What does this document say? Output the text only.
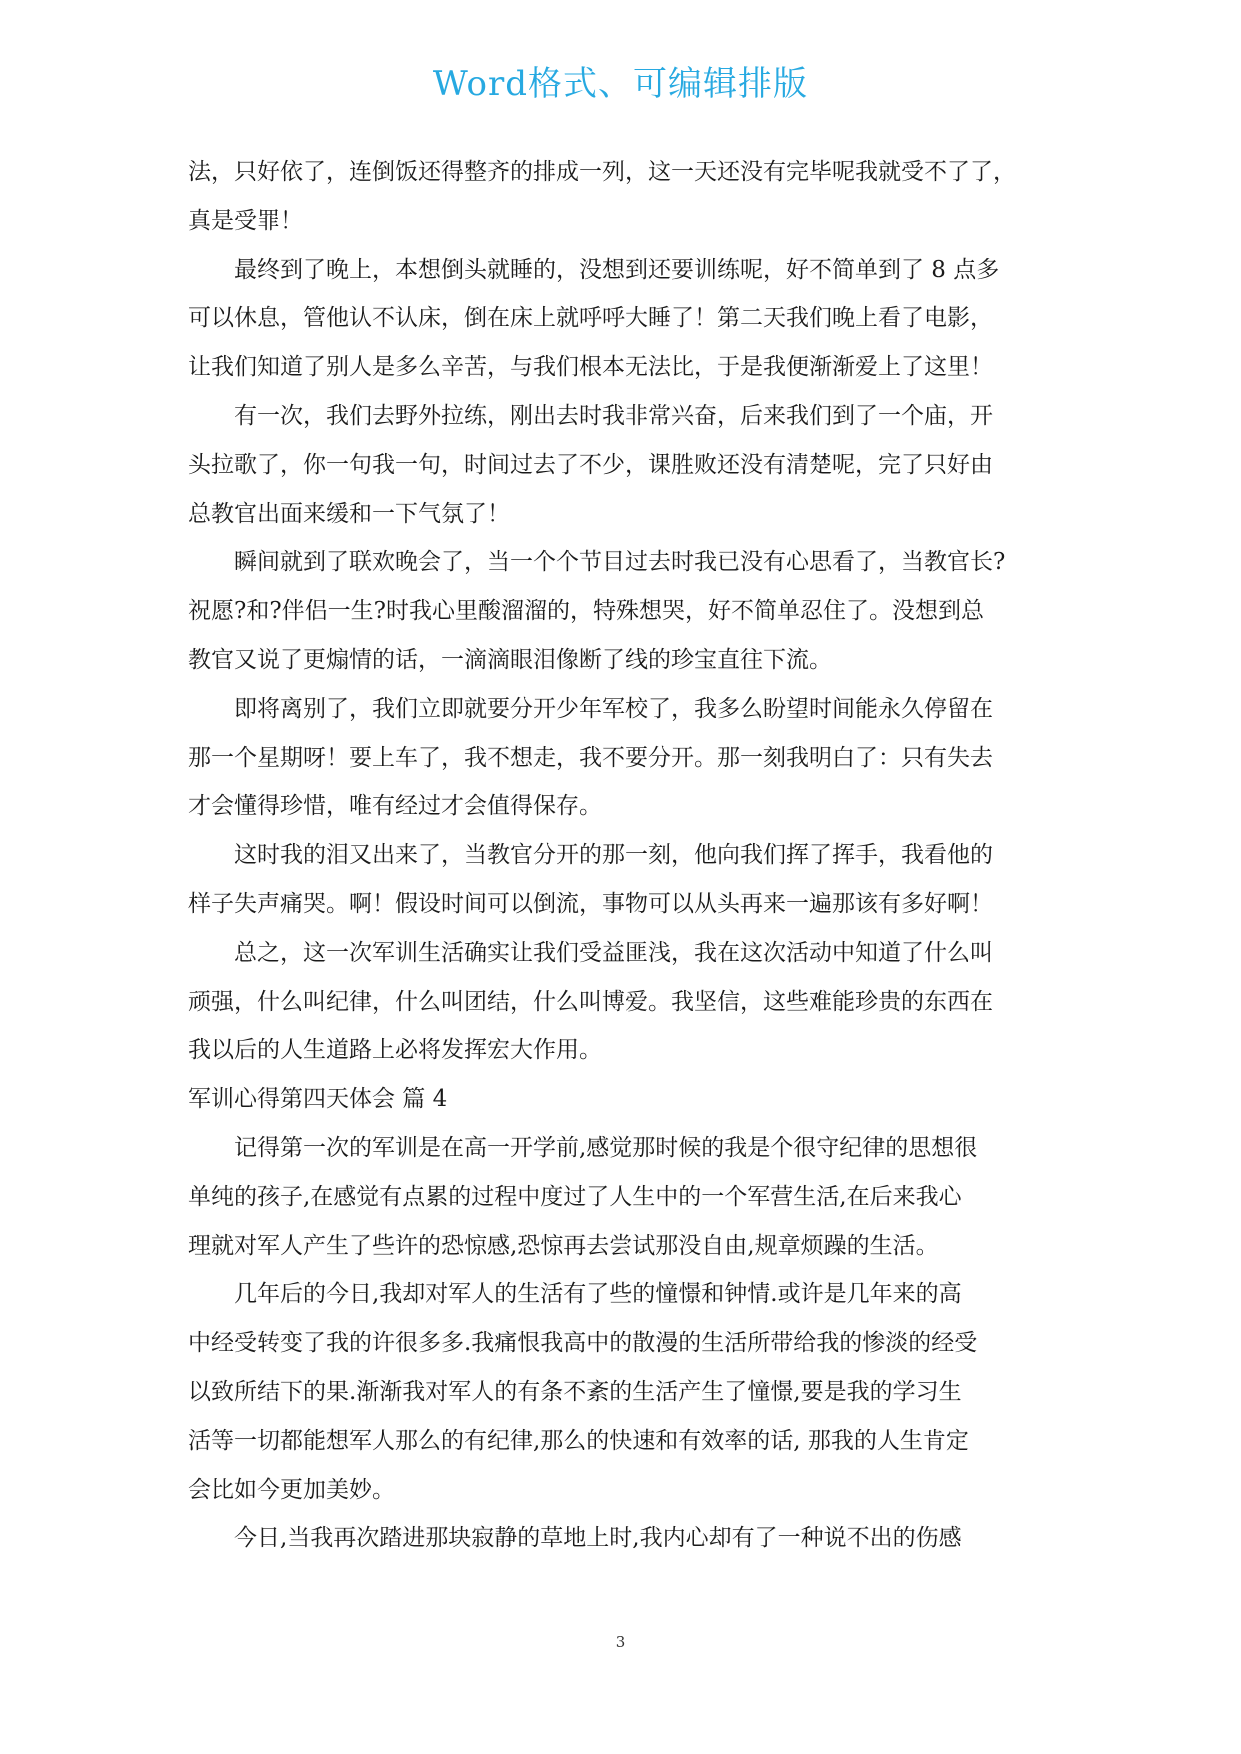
Word格式、可编辑排版
法，只好依了，连倒饭还得整齐的排成一列，这一天还没有完毕呢我就受不了了，
真是受罪！
　　最终到了晚上，本想倒头就睡的，没想到还要训练呢，好不简单到了 8 点多
可以休息，管他认不认床，倒在床上就呼呼大睡了！第二天我们晚上看了电影，
让我们知道了别人是多么辛苦，与我们根本无法比，于是我便渐渐爱上了这里！
　　有一次，我们去野外拉练，刚出去时我非常兴奋，后来我们到了一个庙，开
头拉歌了，你一句我一句，时间过去了不少，课胜败还没有清楚呢，完了只好由
总教官出面来缓和一下气氛了！
　　瞬间就到了联欢晚会了，当一个个节目过去时我已没有心思看了，当教官长?
祝愿?和?伴侣一生?时我心里酸溜溜的，特殊想哭，好不简单忍住了。没想到总
教官又说了更煽情的话，一滴滴眼泪像断了线的珍宝直往下流。
　　即将离别了，我们立即就要分开少年军校了，我多么盼望时间能永久停留在
那一个星期呀！要上车了，我不想走，我不要分开。那一刻我明白了：只有失去
才会懂得珍惜，唯有经过才会值得保存。
　　这时我的泪又出来了，当教官分开的那一刻，他向我们挥了挥手，我看他的
样子失声痛哭。啊！假设时间可以倒流，事物可以从头再来一遍那该有多好啊！
　　总之，这一次军训生活确实让我们受益匪浅，我在这次活动中知道了什么叫
顽强，什么叫纪律，什么叫团结，什么叫博爱。我坚信，这些难能珍贵的东西在
我以后的人生道路上必将发挥宏大作用。
军训心得第四天体会 篇 4
　　记得第一次的军训是在高一开学前,感觉那时候的我是个很守纪律的思想很
单纯的孩子,在感觉有点累的过程中度过了人生中的一个军营生活,在后来我心
理就对军人产生了些许的恐惊感,恐惊再去尝试那没自由,规章烦躁的生活。
　　几年后的今日,我却对军人的生活有了些的憧憬和钟情.或许是几年来的高
中经受转变了我的许很多多.我痛恨我高中的散漫的生活所带给我的惨淡的经受
以致所结下的果.渐渐我对军人的有条不紊的生活产生了憧憬,要是我的学习生
活等一切都能想军人那么的有纪律,那么的快速和有效率的话, 那我的人生肯定
会比如今更加美妙。
　　今日,当我再次踏进那块寂静的草地上时,我内心却有了一种说不出的伤感
3
